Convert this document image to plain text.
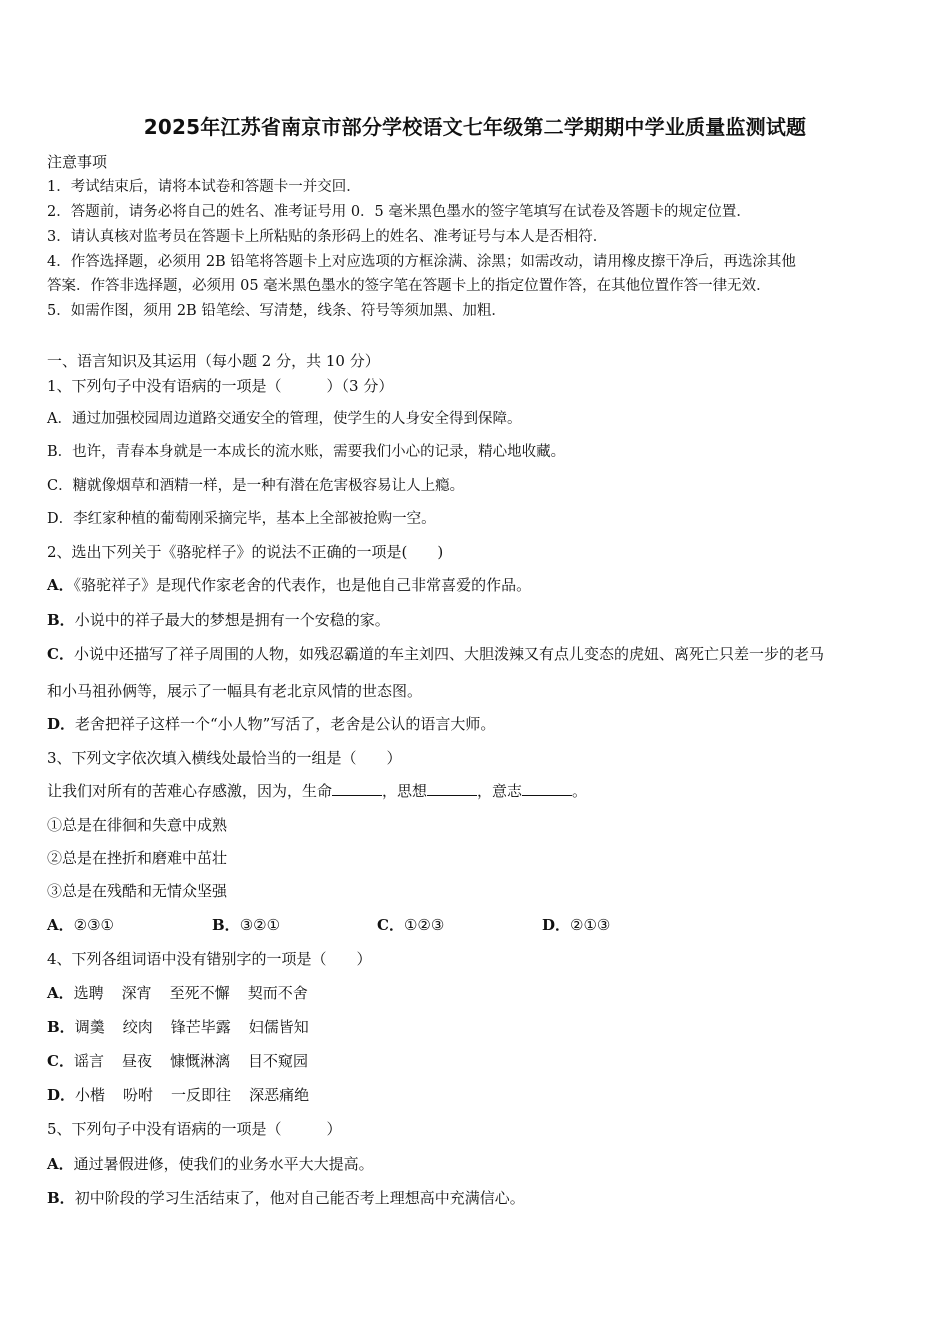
2025年江苏省南京市部分学校语文七年级第二学期期中学业质量监测试题
注意事项
1．考试结束后，请将本试卷和答题卡一并交回．
2．答题前，请务必将自己的姓名、准考证号用 0．5 毫米黑色墨水的签字笔填写在试卷及答题卡的规定位置．
3．请认真核对监考员在答题卡上所粘贴的条形码上的姓名、准考证号与本人是否相符．
4．作答选择题，必须用 2B 铅笔将答题卡上对应选项的方框涂满、涂黑；如需改动，请用橡皮擦干净后，再选涂其他
答案．作答非选择题，必须用 05 毫米黑色墨水的签字笔在答题卡上的指定位置作答，在其他位置作答一律无效．
5．如需作图，须用 2B 铅笔绘、写清楚，线条、符号等须加黑、加粗．
一、语言知识及其运用（每小题 2 分，共 10 分）
1、下列句子中没有语病的一项是（　　　）（3 分）
A．通过加强校园周边道路交通安全的管理，使学生的人身安全得到保障。
B．也许，青春本身就是一本成长的流水账，需要我们小心的记录，精心地收藏。
C．糖就像烟草和酒精一样，是一种有潜在危害极容易让人上瘾。
D．李红家种植的葡萄刚采摘完毕，基本上全部被抢购一空。
2、选出下列关于《骆驼样子》的说法不正确的一项是(　　)
A．《骆驼祥子》是现代作家老舍的代表作，也是他自己非常喜爱的作品。
B．小说中的祥子最大的梦想是拥有一个安稳的家。
C．小说中还描写了祥子周围的人物，如残忍霸道的车主刘四、大胆泼辣又有点儿变态的虎妞、离死亡只差一步的老马
和小马祖孙俩等，展示了一幅具有老北京风情的世态图。
D．老舍把祥子这样一个“小人物”写活了，老舍是公认的语言大师。
3、下列文字依次填入横线处最恰当的一组是（　　）
让我们对所有的苦难心存感激，因为，生命	，思想	，意志	。
①总是在徘徊和失意中成熟
②总是在挫折和磨难中茁壮
③总是在残酷和无情众坚强
A．②③①	B．③②①	C．①②③	D．②①③
4、下列各组词语中没有错别字的一项是（　　）
A．选聘 深宵 至死不懈 契而不舍
B．调羹 绞肉 锋芒毕露 妇儒皆知
C．谣言 昼夜 慷慨淋漓 目不窥园
D．小楷 吩咐 一反即往 深恶痛绝
5、下列句子中没有语病的一项是（　　　）
A．通过暑假进修，使我们的业务水平大大提高。
B．初中阶段的学习生活结束了，他对自己能否考上理想高中充满信心。
